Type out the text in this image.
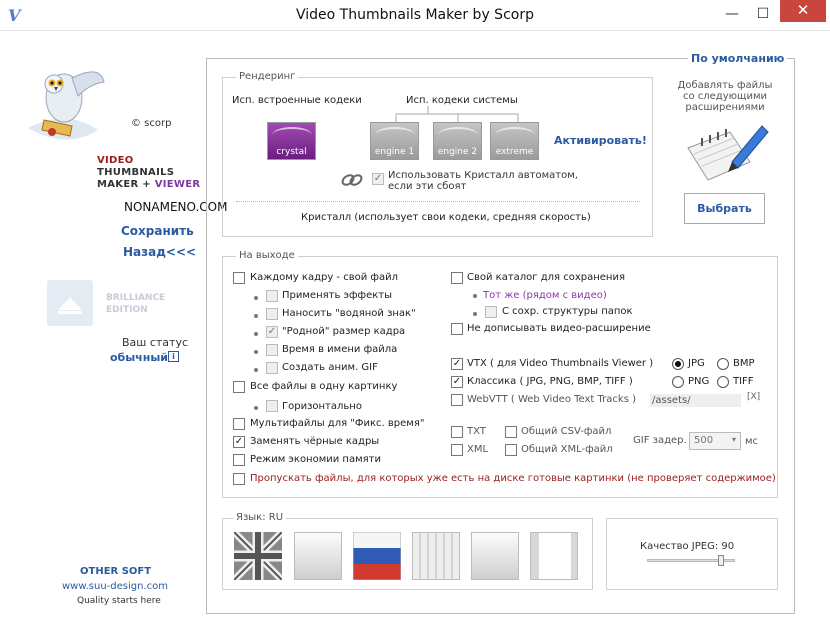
V	Video Thumbnails Maker by Scorp	—	☐	✕
© scorp
VIDEO
THUMBNAILS
MAKER + VIEWER
NONAMENO.COM
Сохранить
Назад<<<
BRILLIANCE
EDITION
Ваш статус
обычный i
OTHER SOFT
www.suu-design.com
Quality starts here
По умолчанию
Рендеринг
Исп. встроенные кодеки	Исп. кодеки системы
crystal	engine 1	engine 2	extreme
Активировать!
✓ Использовать Кристалл автоматом,
если эти сбоят
Кристалл (использует свои кодеки, средняя скорость)
Добавлять файлы
со следующими
расширениями
Выбрать
На выходе
Каждому кадру - свой файл
Применять эффекты
Наносить "водяной знак"
✓ "Родной" размер кадра
Время в имени файла
Создать аним. GIF
Все файлы в одну картинку
Горизонтально
Мультифайлы для "Фикс. время"
✓ Заменять чёрные кадры
Режим экономии памяти
Свой каталог для сохранения
Тот же (рядом с видео)
С сохр. структуры папок
Не дописывать видео-расширение
✓ VTX ( для Video Thumbnails Viewer )
✓ Классика ( JPG, PNG, BMP, TIFF )
WebVTT ( Web Video Text Tracks ) /assets/	[X]
JPG	BMP
PNG TIFF
TXT	Общий CSV-файл
XML	Общий XML-файл
GIF задер. 500 ▾ мс
Пропускать файлы, для которых уже есть на диске готовые картинки (не проверяет содержимое)
Язык: RU
Качество JPEG: 90
